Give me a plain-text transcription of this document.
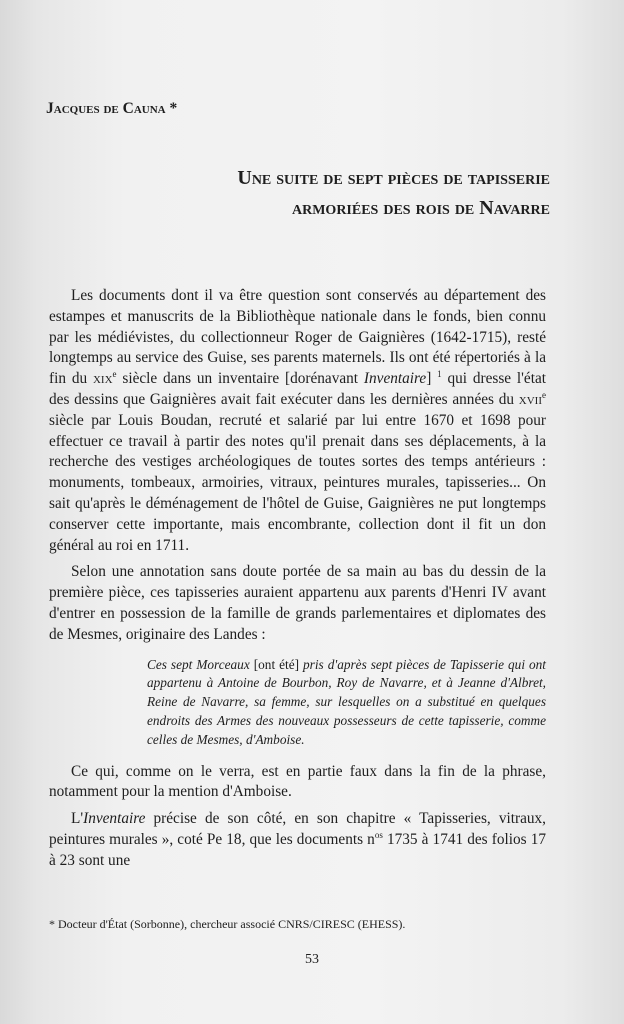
Jacques de Cauna *
Une suite de sept pièces de tapisserie
armoriées des rois de Navarre

Les documents dont il va être question sont conservés au département des estampes et manuscrits de la Bibliothèque nationale dans le fonds, bien connu par les médiévistes, du collectionneur Roger de Gaignières (1642-1715), resté longtemps au service des Guise, ses parents maternels. Ils ont été répertoriés à la fin du xix$^e$ siècle dans un inventaire [dorénavant Inventaire] $^1$ qui dresse l'état des dessins que Gaignières avait fait exécuter dans les dernières années du xvii$^e$ siècle par Louis Boudan, recruté et salarié par lui entre 1670 et 1698 pour effectuer ce travail à partir des notes qu'il prenait dans ses déplacements, à la recherche des vestiges archéologiques de toutes sortes des temps antérieurs : monuments, tombeaux, armoiries, vitraux, peintures murales, tapisseries... On sait qu'après le déménagement de l'hôtel de Guise, Gaignières ne put longtemps conserver cette importante, mais encombrante, collection dont il fit un don général au roi en 1711.

Selon une annotation sans doute portée de sa main au bas du dessin de la première pièce, ces tapisseries auraient appartenu aux parents d'Henri IV avant d'entrer en possession de la famille de grands parlementaires et diplomates des de Mesmes, originaire des Landes :

Ces sept Morceaux [ont été] pris d'après sept pièces de Tapisserie qui ont appartenu à Antoine de Bourbon, Roy de Navarre, et à Jeanne d'Albret, Reine de Navarre, sa femme, sur lesquelles on a substitué en quelques endroits des Armes des nouveaux possesseurs de cette tapisserie, comme celles de Mesmes, d'Amboise.

Ce qui, comme on le verra, est en partie faux dans la fin de la phrase, notamment pour la mention d'Amboise.

L'Inventaire précise de son côté, en son chapitre « Tapisseries, vitraux, peintures murales », coté Pe 18, que les documents $n^{os}$ 1735 à 1741 des folios 17 à 23 sont une

* Docteur d'État (Sorbonne), chercheur associé CNRS/CIRESC (EHESS).
53
